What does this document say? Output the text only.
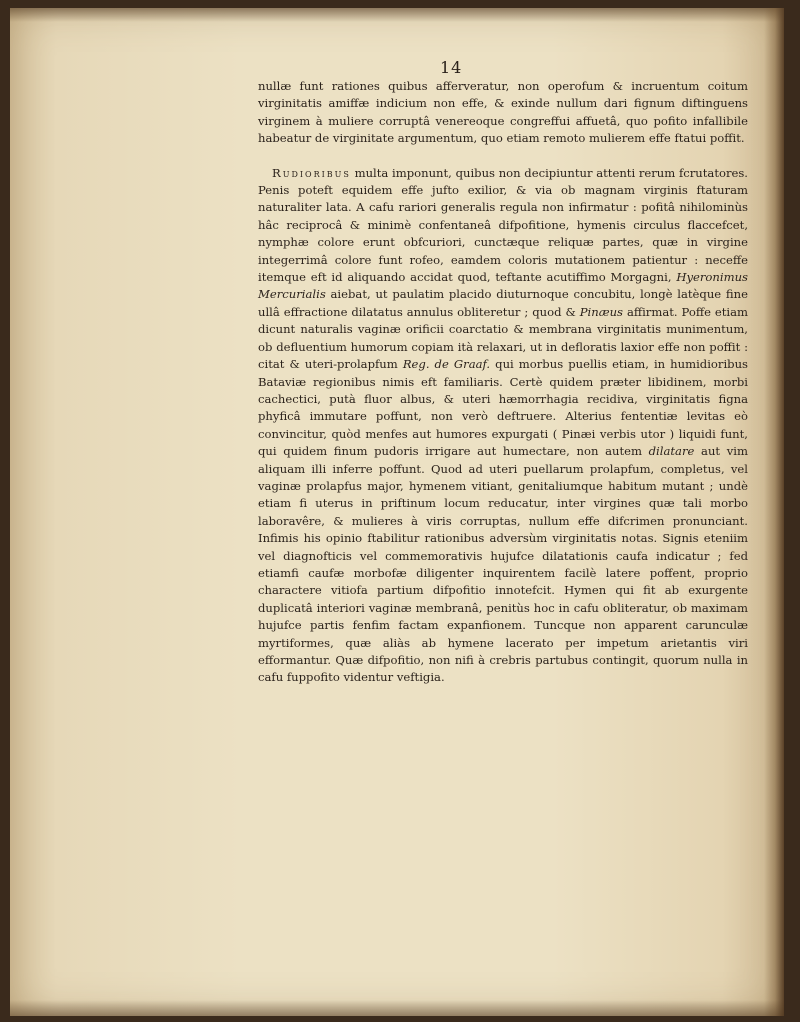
14

nullæ funt rationes quibus afferveratur, non operofum & incruentum coitum virginitatis amiffæ indicium non effe, & exinde nullum dari fignum diftinguens virginem à muliere corruptâ venereoque congreffui affuetâ, quo pofito infallibile habeatur de virginitate argumentum, quo etiam remoto mulierem effe ftatui poffit.

Rudioribus multa imponunt, quibus non decipiuntur attenti rerum fcrutatores. Penis poteft equidem effe jufto exilior, & via ob magnam virginis ftaturam naturaliter lata. A cafu rariori generalis regula non infirmatur : pofitâ nihilominùs hâc reciprocâ & minimè confentaneâ difpofitione, hymenis circulus flaccefcet, nymphæ colore erunt obfcuriori, cunctæque reliquæ partes, quæ in virgine integerrimâ colore funt rofeo, eamdem coloris mutationem patientur : neceffe itemque eft id aliquando accidat quod, teftante acutiffimo Morgagni, Hyeronimus Mercurialis aiebat, ut paulatim placido diuturnoque concubitu, longè latèque fine ullâ effractione dilatatus annulus obliteretur ; quod & Pinæus affirmat. Poffe etiam dicunt naturalis vaginæ orificii coarctatio & membrana virginitatis munimentum, ob defluentium humorum copiam ità relaxari, ut in defloratis laxior effe non poffit : citat & uteri-prolapfum Reg. de Graaf. qui morbus puellis etiam, in humidioribus Bataviæ regionibus nimis eft familiaris. Certè quidem præter libidinem, morbi cachectici, putà fluor albus, & uteri hæmorrhagia recidiva, virginitatis figna phyficâ immutare poffunt, non verò deftruere. Alterius fententiæ levitas eò convincitur, quòd menfes aut humores expurgati ( Pinæi verbis utor ) liquidi funt, qui quidem finum pudoris irrigare aut humectare, non autem dilatare aut vim aliquam illi inferre poffunt. Quod ad uteri puellarum prolapfum, completus, vel vaginæ prolapfus major, hymenem vitiant, genitaliumque habitum mutant ; undè etiam fi uterus in priftinum locum reducatur, inter virgines quæ tali morbo laboravêre, & mulieres à viris corruptas, nullum effe difcrimen pronunciant. Infimis his opinio ftabilitur rationibus adversùm virginitatis notas. Signis eteniim vel diagnofticis vel commemorativis hujufce dilatationis caufa indicatur ; fed etiamfi caufæ morbofæ diligenter inquirentem facilè latere poffent, proprio characterе vitiofa partium difpofitio innotefcit. Hymen qui fit ab exurgente duplicatâ interiori vaginæ membranâ, penitùs hoc in cafu obliteratur, ob maximam hujufce partis fenfim factam expanfionem. Tuncque non apparent carunculæ myrtiformes, quæ aliàs ab hymene lacerato per impetum arietantis viri efformantur. Quæ difpofitio, non nifi à crebris partubus contingit, quorum nulla in cafu fuppofito videntur veftigia.
